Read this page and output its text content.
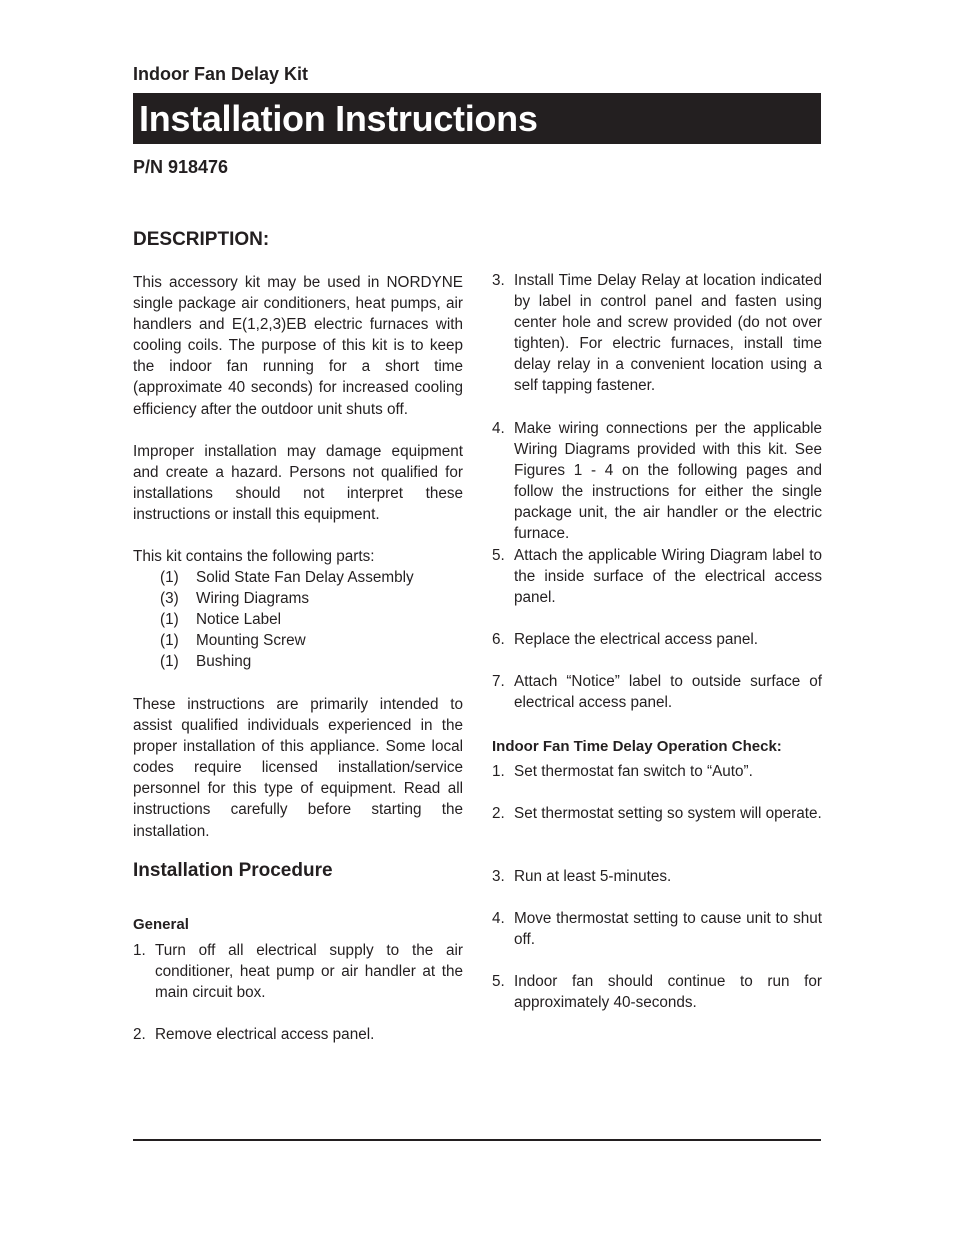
Indoor Fan Delay Kit
Installation Instructions
P/N 918476
DESCRIPTION:

This accessory kit may be used in NORDYNE single package air conditioners, heat pumps, air handlers and E(1,2,3)EB electric furnaces with cooling coils. The purpose of this kit is to keep the indoor fan running for a short time (approximate 40 seconds) for increased cooling efficiency after the outdoor unit shuts off.

Improper installation may damage equipment and create a hazard. Persons not qualified for installations should not interpret these instructions or install this equipment.

This kit contains the following parts:

(1)	Solid State Fan Delay Assembly
(3)	Wiring Diagrams
(1)	Notice Label
(1)	Mounting Screw
(1)	Bushing

These instructions are primarily intended to assist qualified individuals experienced in the proper installation of this appliance. Some local codes require licensed installation/service personnel for this type of equipment. Read all instructions carefully before starting the installation.

Installation Procedure
General
1. Turn off all electrical supply to the air conditioner, heat pump or air handler at the main circuit box.
2. Remove electrical access panel.
3. Install Time Delay Relay at location indicated by label in control panel and fasten using center hole and screw provided (do not over tighten). For electric furnaces, install time delay relay in a convenient location using a self tapping fastener.
4. Make wiring connections per the applicable Wiring Diagrams provided with this kit. See Figures 1 - 4 on the following pages and follow the instructions for either the single package unit, the air handler or the electric furnace.
5. Attach the applicable Wiring Diagram label to the inside surface of the electrical access panel.
6. Replace the electrical access panel.
7. Attach “Notice” label to outside surface of electrical access panel.
Indoor Fan Time Delay Operation Check:
1. Set thermostat fan switch to “Auto”.
2. Set thermostat setting so system will operate.
3. Run at least 5-minutes.
4. Move thermostat setting to cause unit to shut off.
5. Indoor fan should continue to run for approximately 40-seconds.
